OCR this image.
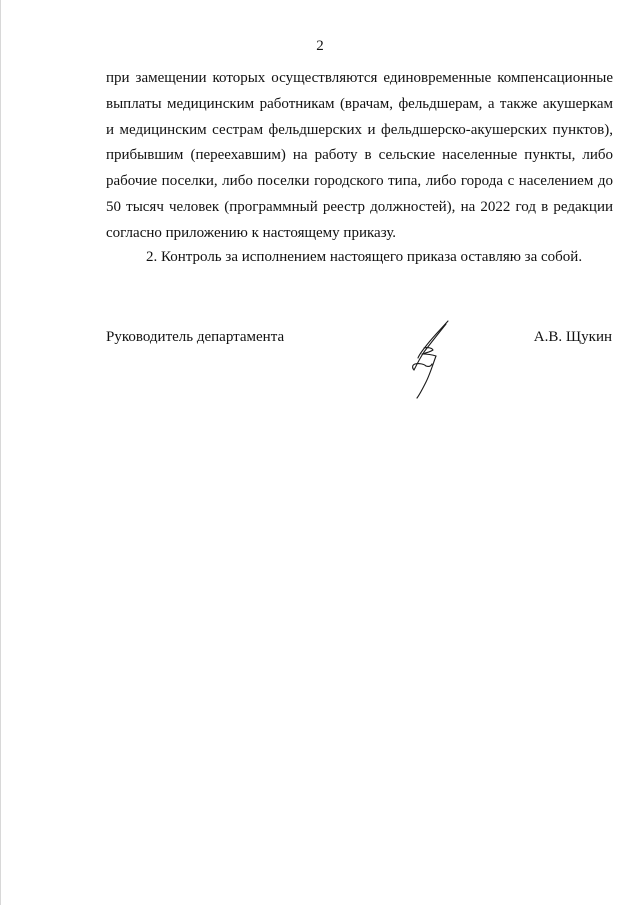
2
при замещении которых осуществляются единовременные компенсационные
выплаты медицинским работникам (врачам, фельдшерам, а также акушеркам
и медицинским сестрам фельдшерских и фельдшерско-акушерских пунктов),
прибывшим (переехавшим) на работу в сельские населенные пункты, либо
рабочие поселки, либо поселки городского типа, либо города с населением до
50 тысяч человек (программный реестр должностей), на 2022 год в редакции
согласно приложению к настоящему приказу.
2. Контроль за исполнением настоящего приказа оставляю за собой.
Руководитель департамента	А.В. Щукин
